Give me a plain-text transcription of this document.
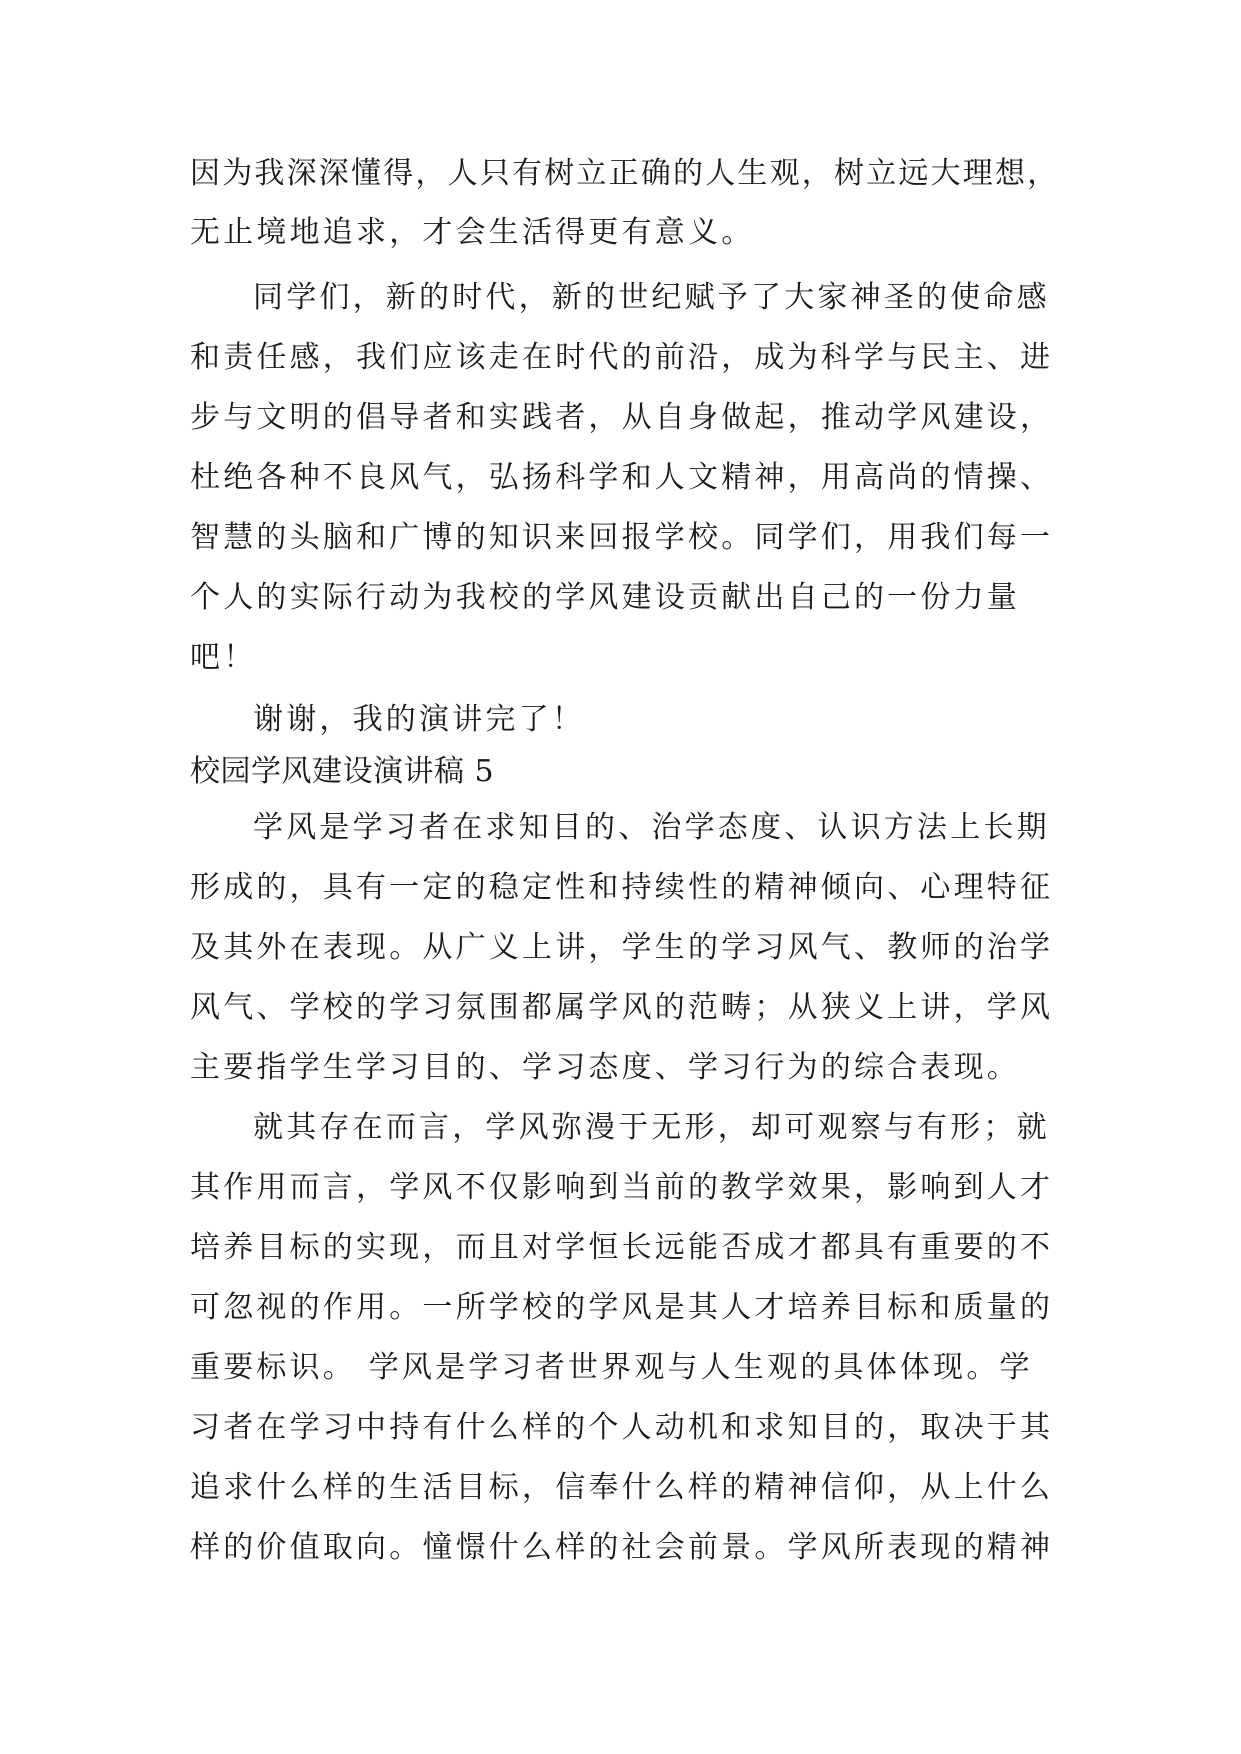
因为我深深懂得，人只有树立正确的人生观，树立远大理想，
无止境地追求，才会生活得更有意义。
同学们，新的时代，新的世纪赋予了大家神圣的使命感
和责任感，我们应该走在时代的前沿，成为科学与民主、进
步与文明的倡导者和实践者，从自身做起，推动学风建设，
杜绝各种不良风气，弘扬科学和人文精神，用高尚的情操、
智慧的头脑和广博的知识来回报学校。同学们，用我们每一
个人的实际行动为我校的学风建设贡献出自己的一份力量
吧！
谢谢，我的演讲完了！
校园学风建设演讲稿 5
学风是学习者在求知目的、治学态度、认识方法上长期
形成的，具有一定的稳定性和持续性的精神倾向、心理特征
及其外在表现。从广义上讲，学生的学习风气、教师的治学
风气、学校的学习氛围都属学风的范畴；从狭义上讲，学风
主要指学生学习目的、学习态度、学习行为的综合表现。
就其存在而言，学风弥漫于无形，却可观察与有形；就
其作用而言，学风不仅影响到当前的教学效果，影响到人才
培养目标的实现，而且对学恒长远能否成才都具有重要的不
可忽视的作用。一所学校的学风是其人才培养目标和质量的
重要标识。 学风是学习者世界观与人生观的具体体现。学
习者在学习中持有什么样的个人动机和求知目的，取决于其
追求什么样的生活目标，信奉什么样的精神信仰，从上什么
样的价值取向。憧憬什么样的社会前景。学风所表现的精神
